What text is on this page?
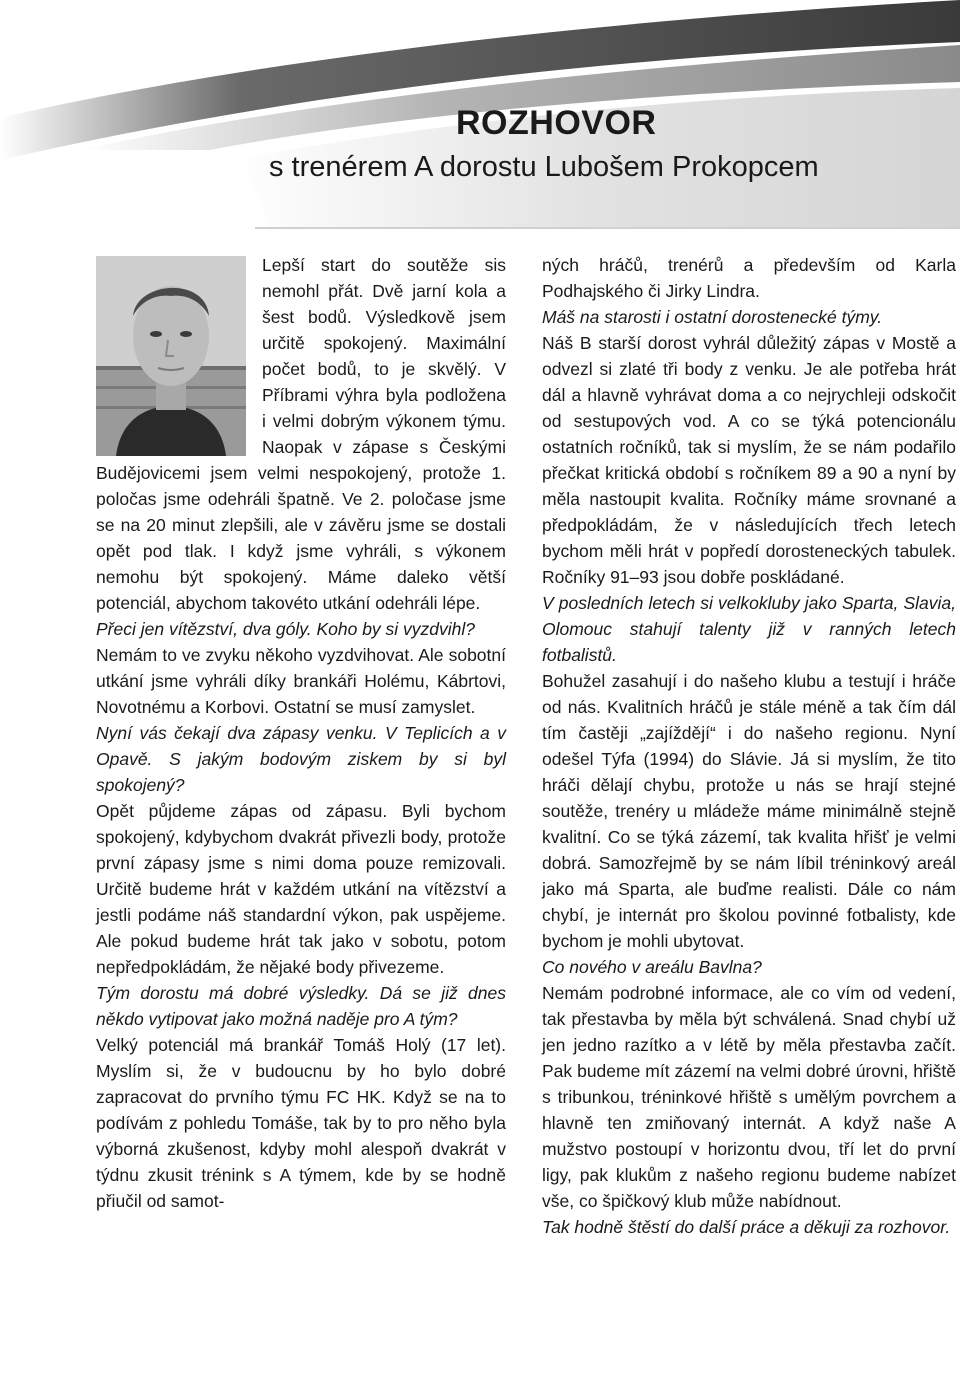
ROZHOVOR
s trenérem A dorostu Lubošem Prokopcem

Lepší start do soutěže sis nemohl přát. Dvě jarní kola a šest bodů. Výsledkově jsem určitě spokojený. Maximální počet bodů, to je skvělý. V Příbrami výhra byla podložena i velmi dobrým výkonem týmu. Naopak v zápase s Českými Budějovicemi jsem velmi nespokojený, protože 1. poločas jsme odehráli špatně. Ve 2. poločase jsme se na 20 minut zlepšili, ale v závěru jsme se dostali opět pod tlak. I když jsme vyhráli, s výkonem nemohu být spokojený. Máme daleko větší potenciál, abychom takovéto utkání odehráli lépe.

Přeci jen vítězství, dva góly. Koho by si vyzdvihl?

Nemám to ve zvyku někoho vyzdvihovat. Ale sobotní utkání jsme vyhráli díky brankáři Holému, Kábrtovi, Novotnému a Korbovi. Ostatní se musí zamyslet.

Nyní vás čekají dva zápasy venku. V Teplicích a v Opavě. S jakým bodovým ziskem by si byl spokojený?

Opět půjdeme zápas od zápasu. Byli bychom spokojený, kdybychom dvakrát přivezli body, protože první zápasy jsme s nimi doma pouze remizovali. Určitě budeme hrát v každém utkání na vítězství a jestli podáme náš standardní výkon, pak uspějeme. Ale pokud budeme hrát tak jako v sobotu, potom nepředpokládám, že nějaké body přivezeme.

Tým dorostu má dobré výsledky. Dá se již dnes někdo vytipovat jako možná naděje pro A tým?

Velký potenciál má brankář Tomáš Holý (17 let). Myslím si, že v budoucnu by ho bylo dobré zapracovat do prvního týmu FC HK. Když se na to podívám z pohledu Tomáše, tak by to pro něho byla výborná zkušenost, kdyby mohl alespoň dvakrát v týdnu zkusit trénink s A týmem, kde by se hodně přiučil od samot-

ných hráčů, trenérů a především od Karla Podhajského či Jirky Lindra.

Máš na starosti i ostatní dorostenecké týmy.

Náš B starší dorost vyhrál důležitý zápas v Mostě a odvezl si zlaté tři body z venku. Je ale potřeba hrát dál a hlavně vyhrávat doma a co nejrychleji odskočit od sestupových vod. A co se týká potencionálu ostatních ročníků, tak si myslím, že se nám podařilo přečkat kritická období s ročníkem 89 a 90 a nyní by měla nastoupit kvalita. Ročníky máme srovnané a předpokládám, že v následujících třech letech bychom měli hrát v popředí dorosteneckých tabulek. Ročníky 91–93 jsou dobře poskládané.

V posledních letech si velkokluby jako Sparta, Slavia, Olomouc stahují talenty již v ranných letech fotbalistů.

Bohužel zasahují i do našeho klubu a testují i hráče od nás. Kvalitních hráčů je stále méně a tak čím dál tím častěji „zajíždějí“ i do našeho regionu. Nyní odešel Týfa (1994) do Slávie. Já si myslím, že tito hráči dělají chybu, protože u nás se hrají stejné soutěže, trenéry u mládeže máme minimálně stejně kvalitní. Co se týká zázemí, tak kvalita hřišť je velmi dobrá. Samozřejmě by se nám líbil tréninkový areál jako má Sparta, ale buďme realisti. Dále co nám chybí, je internát pro školou povinné fotbalisty, kde bychom je mohli ubytovat.

Co nového v areálu Bavlna?

Nemám podrobné informace, ale co vím od vedení, tak přestavba by měla být schválená. Snad chybí už jen jedno razítko a v létě by měla přestavba začít. Pak budeme mít zázemí na velmi dobré úrovni, hřiště s tribunkou, tréninkové hřiště s umělým povrchem a hlavně ten zmiňovaný internát. A když naše A mužstvo postoupí v horizontu dvou, tří let do první ligy, pak klukům z našeho regionu budeme nabízet vše, co špičkový klub může nabídnout.

Tak hodně štěstí do další práce a děkuji za rozhovor.
